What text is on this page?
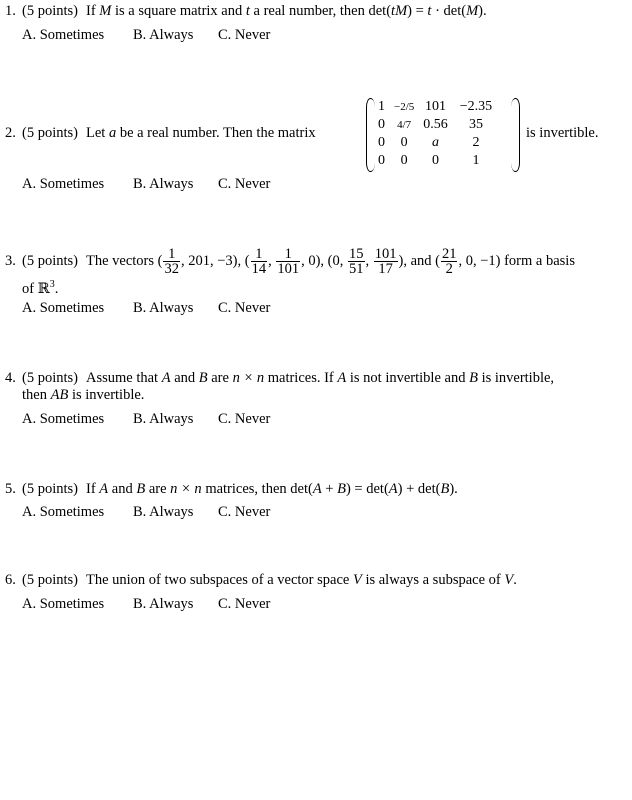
1. (5 points) If M is a square matrix and t a real number, then det(tM) = t · det(M).
A. Sometimes B. Always C. Never
2. (5 points) Let a be a real number. Then the matrix
1	−2/5	101	−2.35
0	4/7	0.56	35
0	0	a	2
0	0	0	1
is invertible.
A. Sometimes B. Always C. Never
3. (5 points) The vectors ( $\frac{1}{32}$ , 201, −3), ( $\frac{1}{14}$ , $\frac{1}{101}$ , 0), (0, $\frac{15}{51}$ , $\frac{101}{17}$ ), and ( $\frac{21}{2}$ , 0, −1) form a basis
of ℝ$^3$.
A. Sometimes B. Always C. Never
4. (5 points) Assume that A and B are n × n matrices. If A is not invertible and B is invertible,
then AB is invertible.
A. Sometimes B. Always C. Never
5. (5 points) If A and B are n × n matrices, then det(A + B) = det(A) + det(B).
A. Sometimes B. Always C. Never
6. (5 points) The union of two subspaces of a vector space V is always a subspace of V.
A. Sometimes B. Always C. Never
